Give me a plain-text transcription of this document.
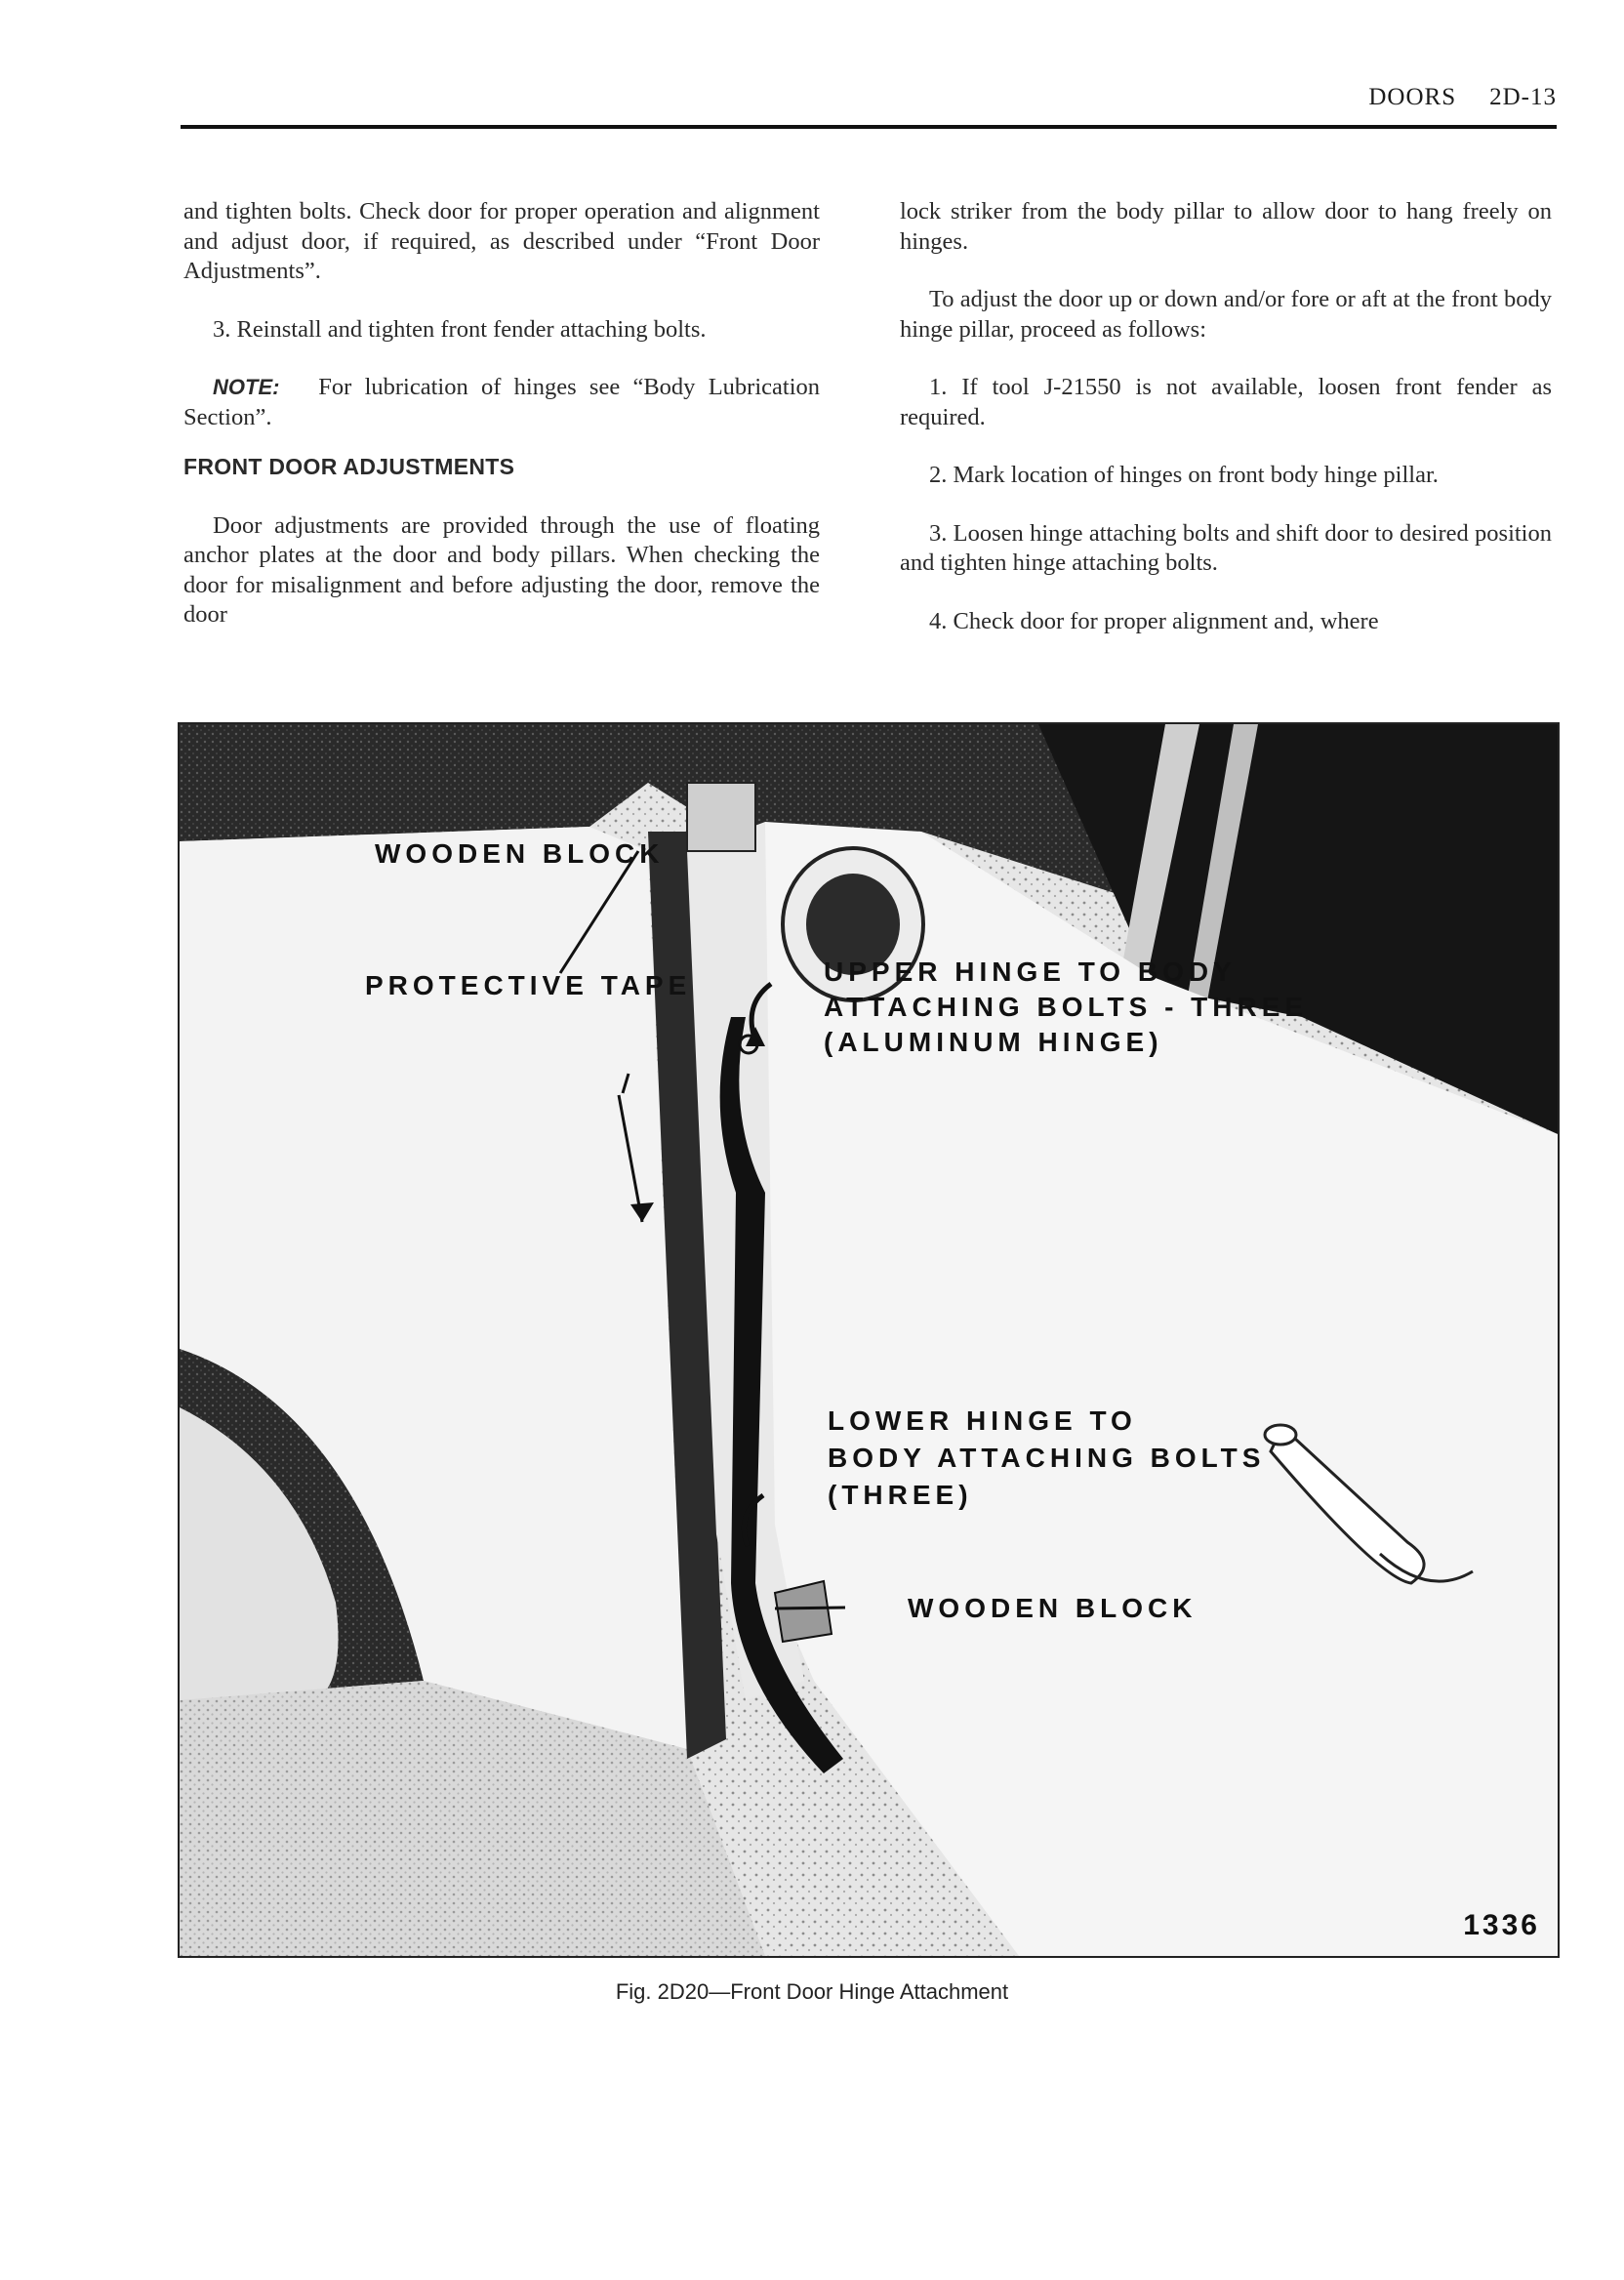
DOORS 2D-13

and tighten bolts. Check door for proper operation and alignment and adjust door, if required, as described under “Front Door Adjustments”.

3. Reinstall and tighten front fender attaching bolts.

NOTE: For lubrication of hinges see “Body Lubrication Section”.

FRONT DOOR ADJUSTMENTS

Door adjustments are provided through the use of floating anchor plates at the door and body pillars. When checking the door for misalignment and before adjusting the door, remove the door

lock striker from the body pillar to allow door to hang freely on hinges.

To adjust the door up or down and/or fore or aft at the front body hinge pillar, proceed as follows:

1. If tool J-21550 is not available, loosen front fender as required.

2. Mark location of hinges on front body hinge pillar.

3. Loosen hinge attaching bolts and shift door to desired position and tighten hinge attaching bolts.

4. Check door for proper alignment and, where

WOODEN BLOCK
PROTECTIVE TAPE	UPPER HINGE TO BODY
ATTACHING BOLTS - THREE
(ALUMINUM HINGE)
LOWER HINGE TO
BODY ATTACHING BOLTS
(THREE)
WOODEN BLOCK
1336
Fig. 2D20—Front Door Hinge Attachment
